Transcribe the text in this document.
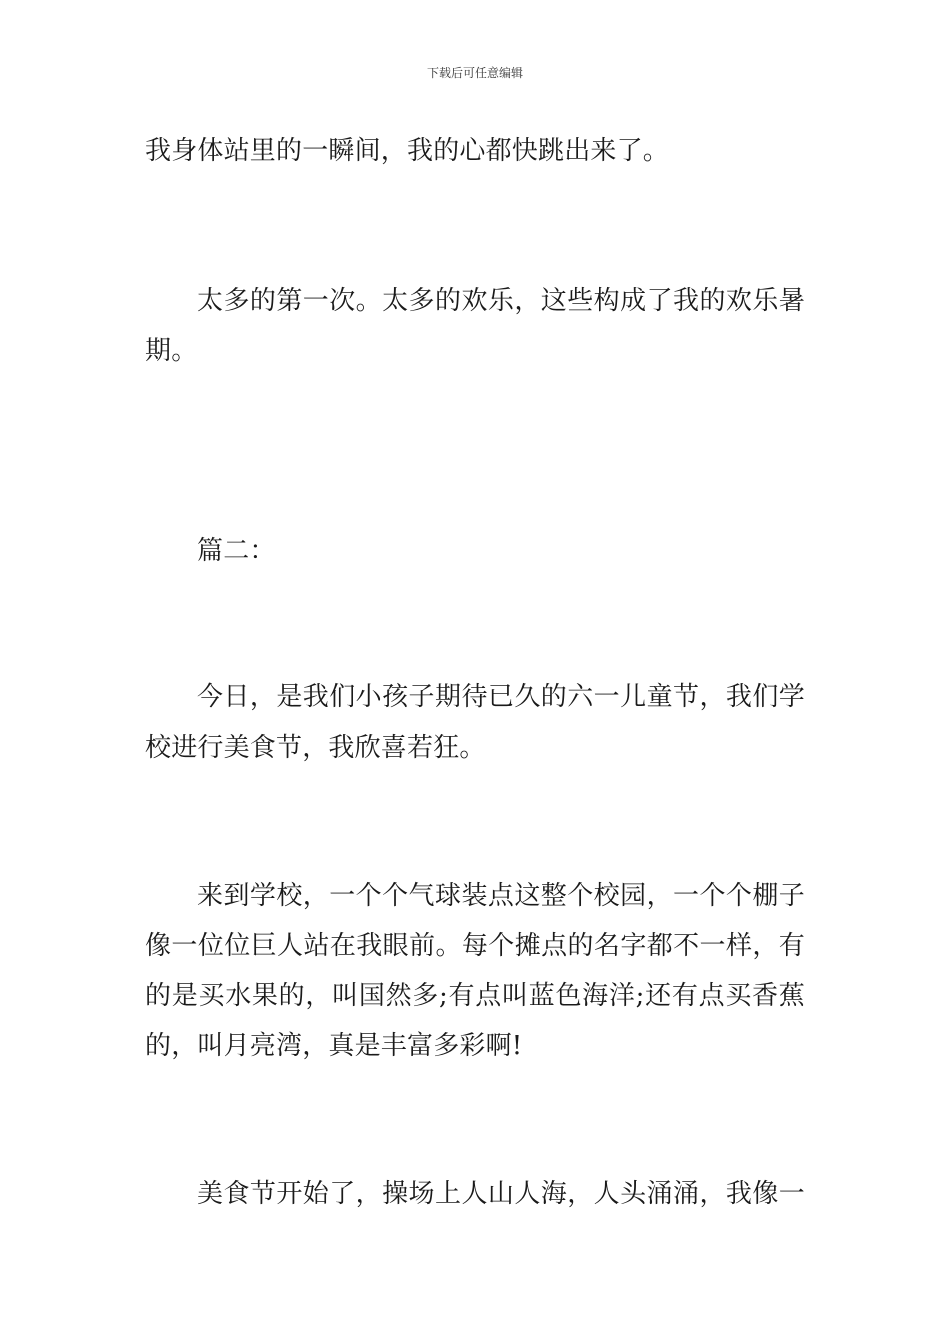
下载后可任意编辑
我身体站里的一瞬间，我的心都快跳出来了。
太多的第一次。太多的欢乐，这些构成了我的欢乐暑
期。
篇二：
今日，是我们小孩子期待已久的六一儿童节，我们学
校进行美食节，我欣喜若狂。
来到学校，一个个气球装点这整个校园，一个个棚子
像一位位巨人站在我眼前。每个摊点的名字都不一样，有
的是买水果的，叫国然多;有点叫蓝色海洋;还有点买香蕉
的，叫月亮湾，真是丰富多彩啊!
美食节开始了，操场上人山人海，人头涌涌，我像一
